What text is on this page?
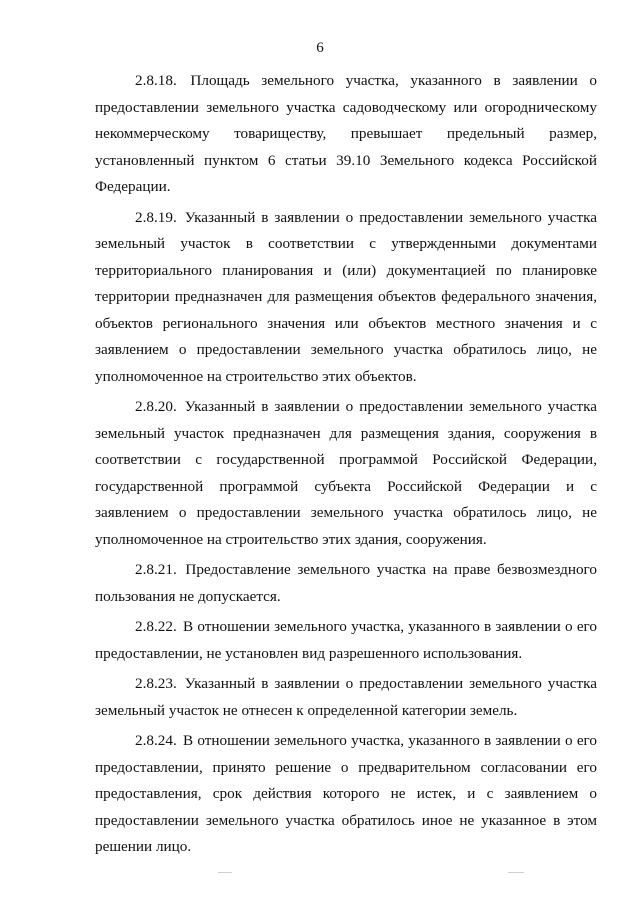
6

2.8.18. Площадь земельного участка, указанного в заявлении о предоставлении земельного участка садоводческому или огородническому некоммерческому товариществу, превышает предельный размер, установленный пунктом 6 статьи 39.10 Земельного кодекса Российской Федерации.

2.8.19. Указанный в заявлении о предоставлении земельного участка земельный участок в соответствии с утвержденными документами территориального планирования и (или) документацией по планировке территории предназначен для размещения объектов федерального значения, объектов регионального значения или объектов местного значения и с заявлением о предоставлении земельного участка обратилось лицо, не уполномоченное на строительство этих объектов.

2.8.20. Указанный в заявлении о предоставлении земельного участка земельный участок предназначен для размещения здания, сооружения в соответствии с государственной программой Российской Федерации, государственной программой субъекта Российской Федерации и с заявлением о предоставлении земельного участка обратилось лицо, не уполномоченное на строительство этих здания, сооружения.

2.8.21. Предоставление земельного участка на праве безвозмездного пользования не допускается.

2.8.22. В отношении земельного участка, указанного в заявлении о его предоставлении, не установлен вид разрешенного использования.

2.8.23. Указанный в заявлении о предоставлении земельного участка земельный участок не отнесен к определенной категории земель.

2.8.24. В отношении земельного участка, указанного в заявлении о его предоставлении, принято решение о предварительном согласовании его предоставления, срок действия которого не истек, и с заявлением о предоставлении земельного участка обратилось иное не указанное в этом решении лицо.
